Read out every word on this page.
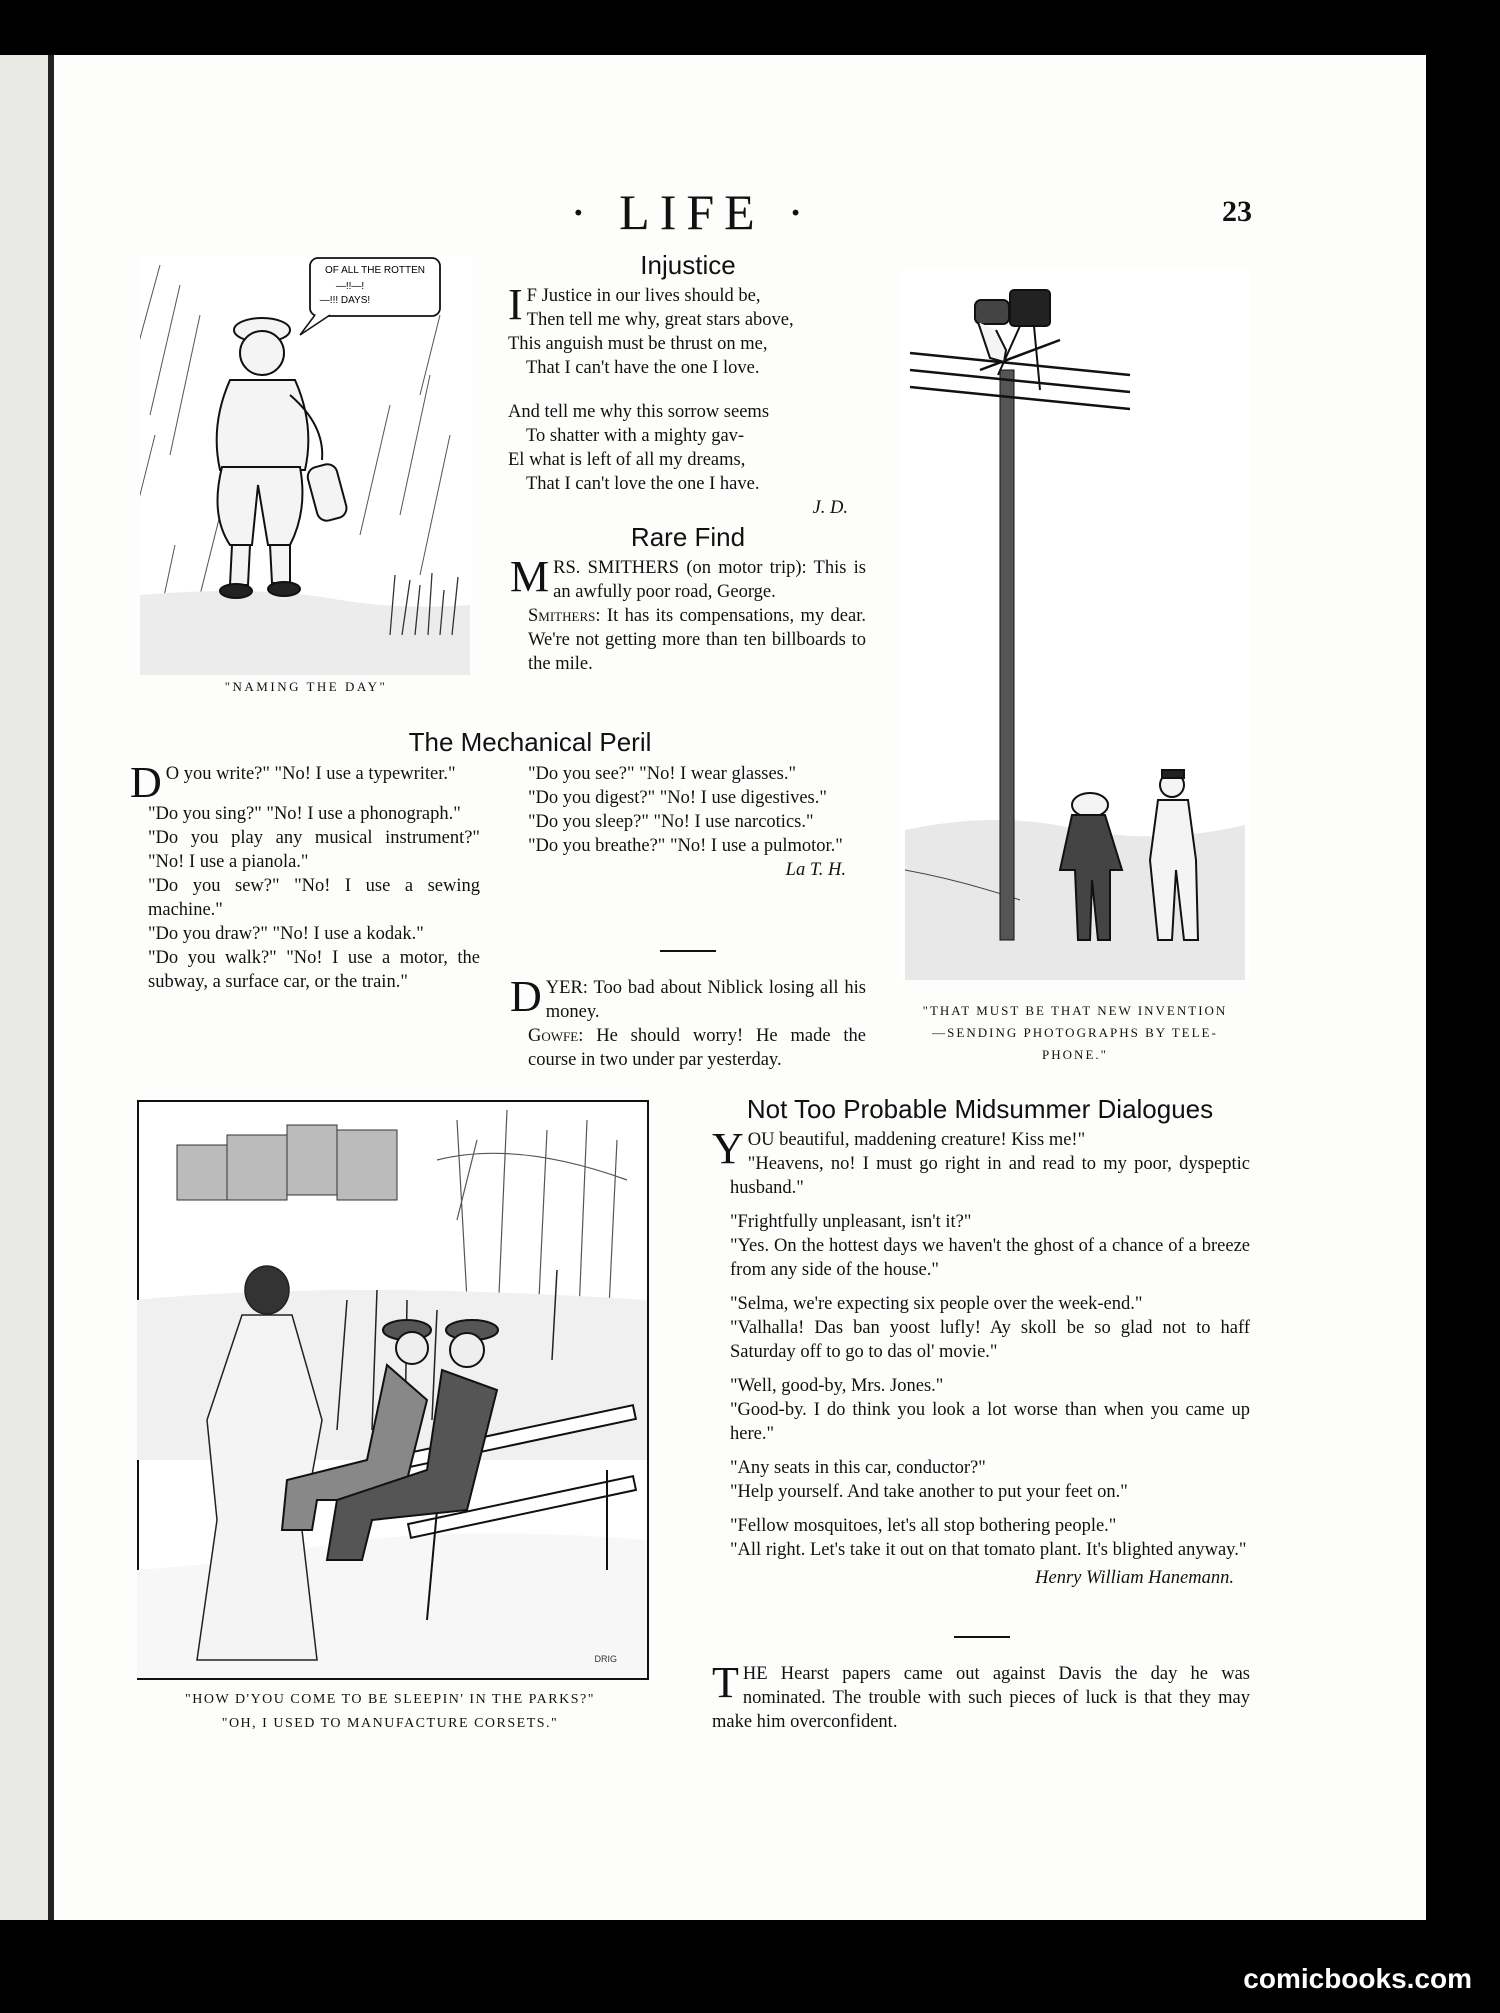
· LIFE ·	23
OF ALL THE ROTTEN
—!!—!
—!!! DAYS!
"NAMING THE DAY"
Injustice

I F Justice in our lives should be,

Then tell me why, great stars above,

This anguish must be thrust on me,

That I can't have the one I love.

And tell me why this sorrow seems

To shatter with a mighty gav-

El what is left of all my dreams,

That I can't love the one I have.

J. D.

Rare Find

MRS. SMITHERS (on motor trip): This is an awfully poor road, George.

Smithers: It has its compensations, my dear. We're not getting more than ten billboards to the mile.

The Mechanical Peril

D O you write?" "No! I use a typewriter."

"Do you sing?" "No! I use a phonograph."

"Do you play any musical instrument?" "No! I use a pianola."

"Do you sew?" "No! I use a sewing machine."

"Do you draw?" "No! I use a kodak."

"Do you walk?" "No! I use a motor, the subway, a surface car, or the train."

"Do you see?" "No! I wear glasses."

"Do you digest?" "No! I use digestives."

"Do you sleep?" "No! I use narcotics."

"Do you breathe?" "No! I use a pulmotor."

La T. H.

DYER: Too bad about Niblick losing all his money.

Gowfe: He should worry! He made the course in two under par yesterday.

"THAT MUST BE THAT NEW INVENTION
—SENDING PHOTOGRAPHS BY TELE-
PHONE."
DRIG
"HOW D'YOU COME TO BE SLEEPIN' IN THE PARKS?"
"OH, I USED TO MANUFACTURE CORSETS."
Not Too Probable Midsummer Dialogues

YOU beautiful, maddening creature! Kiss me!"

"Heavens, no! I must go right in and read to my poor, dyspeptic husband."

"Frightfully unpleasant, isn't it?"

"Yes. On the hottest days we haven't the ghost of a chance of a breeze from any side of the house."

"Selma, we're expecting six people over the week-end."

"Valhalla! Das ban yoost lufly! Ay skoll be so glad not to haff Saturday off to go to das ol' movie."

"Well, good-by, Mrs. Jones."

"Good-by. I do think you look a lot worse than when you came up here."

"Any seats in this car, conductor?"

"Help yourself. And take another to put your feet on."

"Fellow mosquitoes, let's all stop bothering people."

"All right. Let's take it out on that tomato plant. It's blighted anyway."

Henry William Hanemann.

THE Hearst papers came out against Davis the day he was nominated. The trouble with such pieces of luck is that they may make him overconfident.

comicbooks.com
